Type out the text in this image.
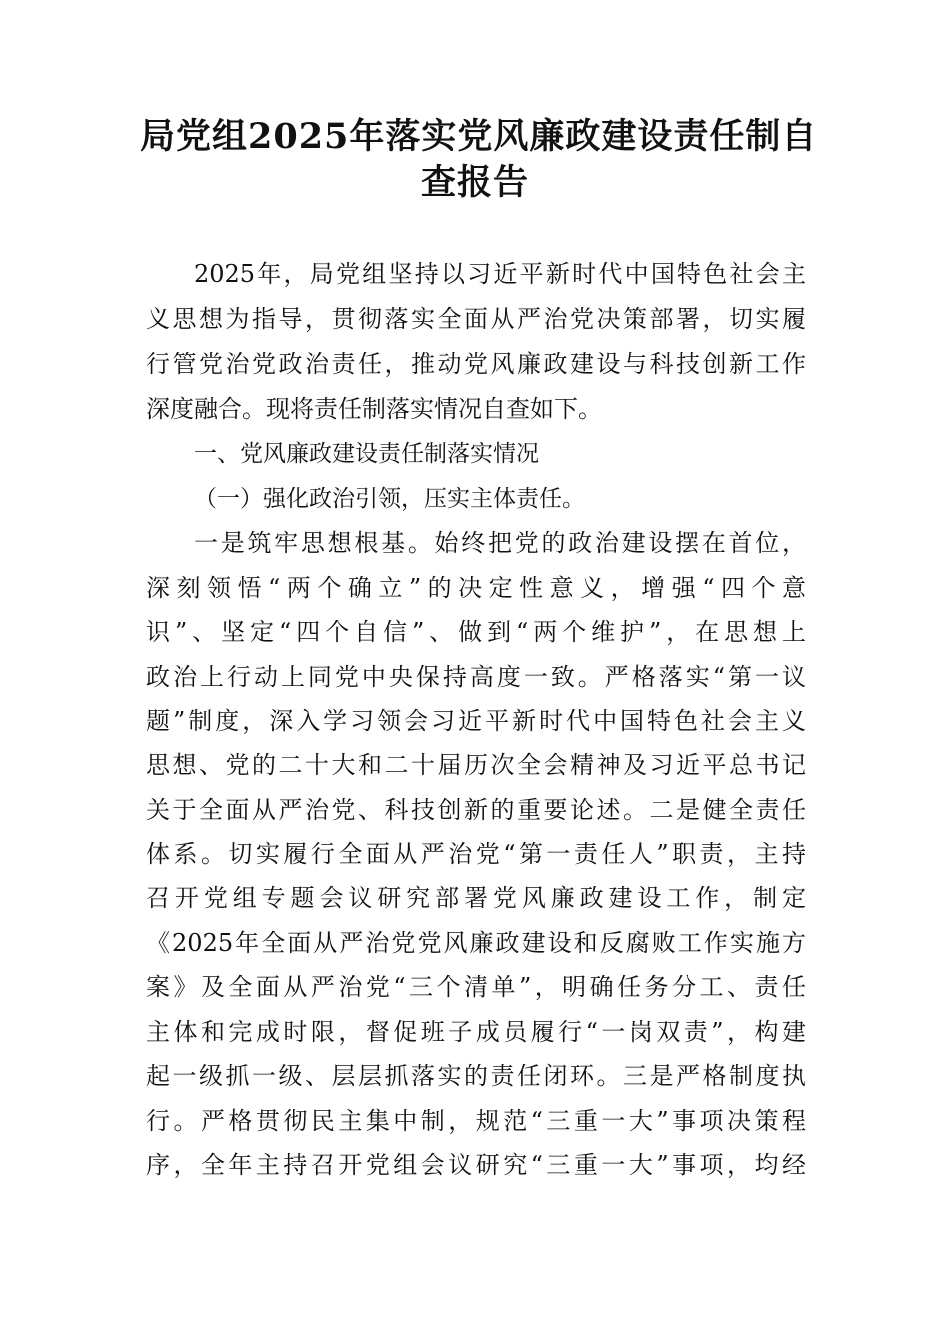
局党组2025年落实党风廉政建设责任制自
查报告
2025年，局党组坚持以习近平新时代中国特色社会主
义思想为指导，贯彻落实全面从严治党决策部署，切实履
行管党治党政治责任，推动党风廉政建设与科技创新工作
深度融合。现将责任制落实情况自查如下。
一、党风廉政建设责任制落实情况
（一）强化政治引领，压实主体责任。
一是筑牢思想根基。始终把党的政治建设摆在首位，
深刻领悟“两个确立”的决定性意义，增强“四个意
识”、坚定“四个自信”、做到“两个维护”，在思想上
政治上行动上同党中央保持高度一致。严格落实“第一议
题”制度，深入学习领会习近平新时代中国特色社会主义
思想、党的二十大和二十届历次全会精神及习近平总书记
关于全面从严治党、科技创新的重要论述。二是健全责任
体系。切实履行全面从严治党“第一责任人”职责，主持
召开党组专题会议研究部署党风廉政建设工作，制定
《2025年全面从严治党党风廉政建设和反腐败工作实施方
案》及全面从严治党“三个清单”，明确任务分工、责任
主体和完成时限，督促班子成员履行“一岗双责”，构建
起一级抓一级、层层抓落实的责任闭环。三是严格制度执
行。严格贯彻民主集中制，规范“三重一大”事项决策程
序，全年主持召开党组会议研究“三重一大”事项，均经
